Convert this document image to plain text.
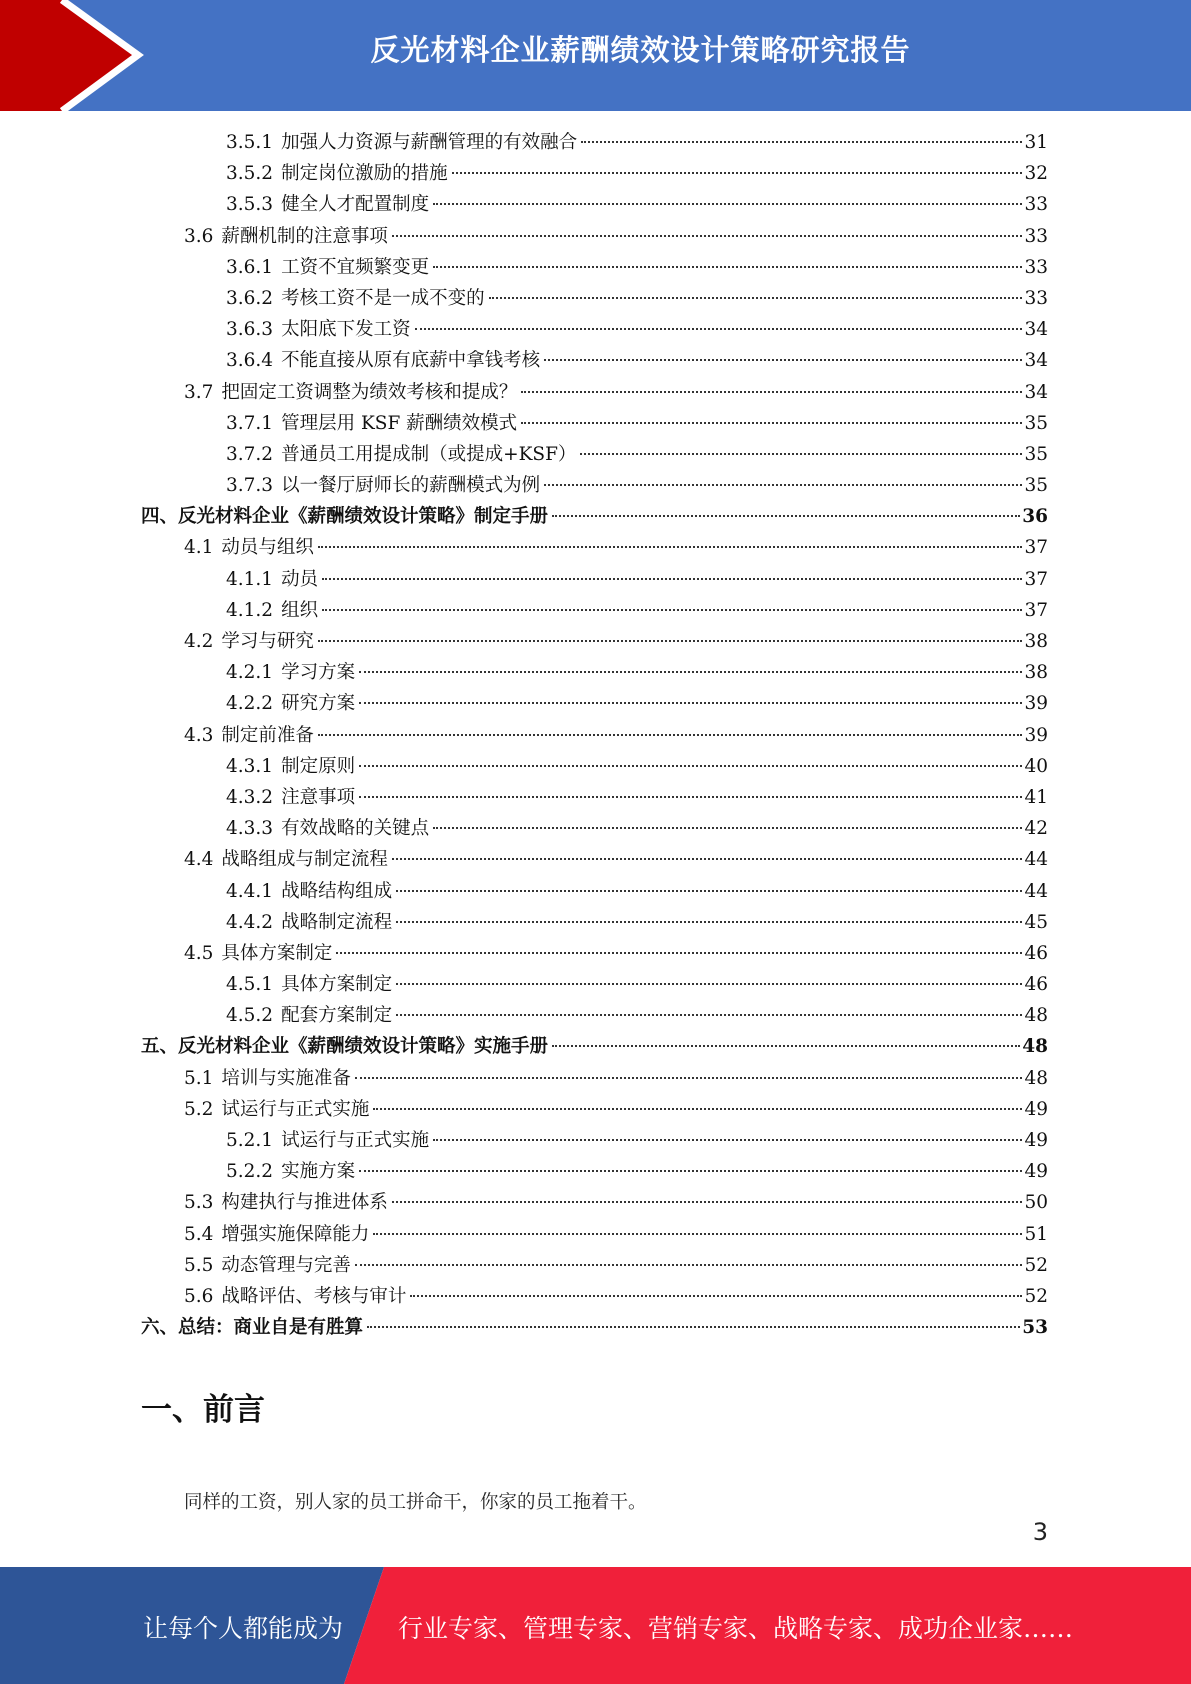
反光材料企业薪酬绩效设计策略研究报告
3.5.1 加强人力资源与薪酬管理的有效融合	31
3.5.2 制定岗位激励的措施	32
3.5.3 健全人才配置制度	33
3.6 薪酬机制的注意事项	33
3.6.1 工资不宜频繁变更	33
3.6.2 考核工资不是一成不变的	33
3.6.3 太阳底下发工资	34
3.6.4 不能直接从原有底薪中拿钱考核	34
3.7 把固定工资调整为绩效考核和提成？	34
3.7.1 管理层用 KSF 薪酬绩效模式	35
3.7.2 普通员工用提成制（或提成+KSF）	35
3.7.3 以一餐厅厨师长的薪酬模式为例	35
四、反光材料企业《薪酬绩效设计策略》制定手册	36
4.1 动员与组织	37
4.1.1 动员	37
4.1.2 组织	37
4.2 学习与研究	38
4.2.1 学习方案	38
4.2.2 研究方案	39
4.3 制定前准备	39
4.3.1 制定原则	40
4.3.2 注意事项	41
4.3.3 有效战略的关键点	42
4.4 战略组成与制定流程	44
4.4.1 战略结构组成	44
4.4.2 战略制定流程	45
4.5 具体方案制定	46
4.5.1 具体方案制定	46
4.5.2 配套方案制定	48
五、反光材料企业《薪酬绩效设计策略》实施手册	48
5.1 培训与实施准备	48
5.2 试运行与正式实施	49
5.2.1 试运行与正式实施	49
5.2.2 实施方案	49
5.3 构建执行与推进体系	50
5.4 增强实施保障能力	51
5.5 动态管理与完善	52
5.6 战略评估、考核与审计	52
六、总结：商业自是有胜算	53
一、前言
同样的工资，别人家的员工拼命干，你家的员工拖着干。
3
让每个人都能成为 行业专家、管理专家、营销专家、战略专家、成功企业家……
